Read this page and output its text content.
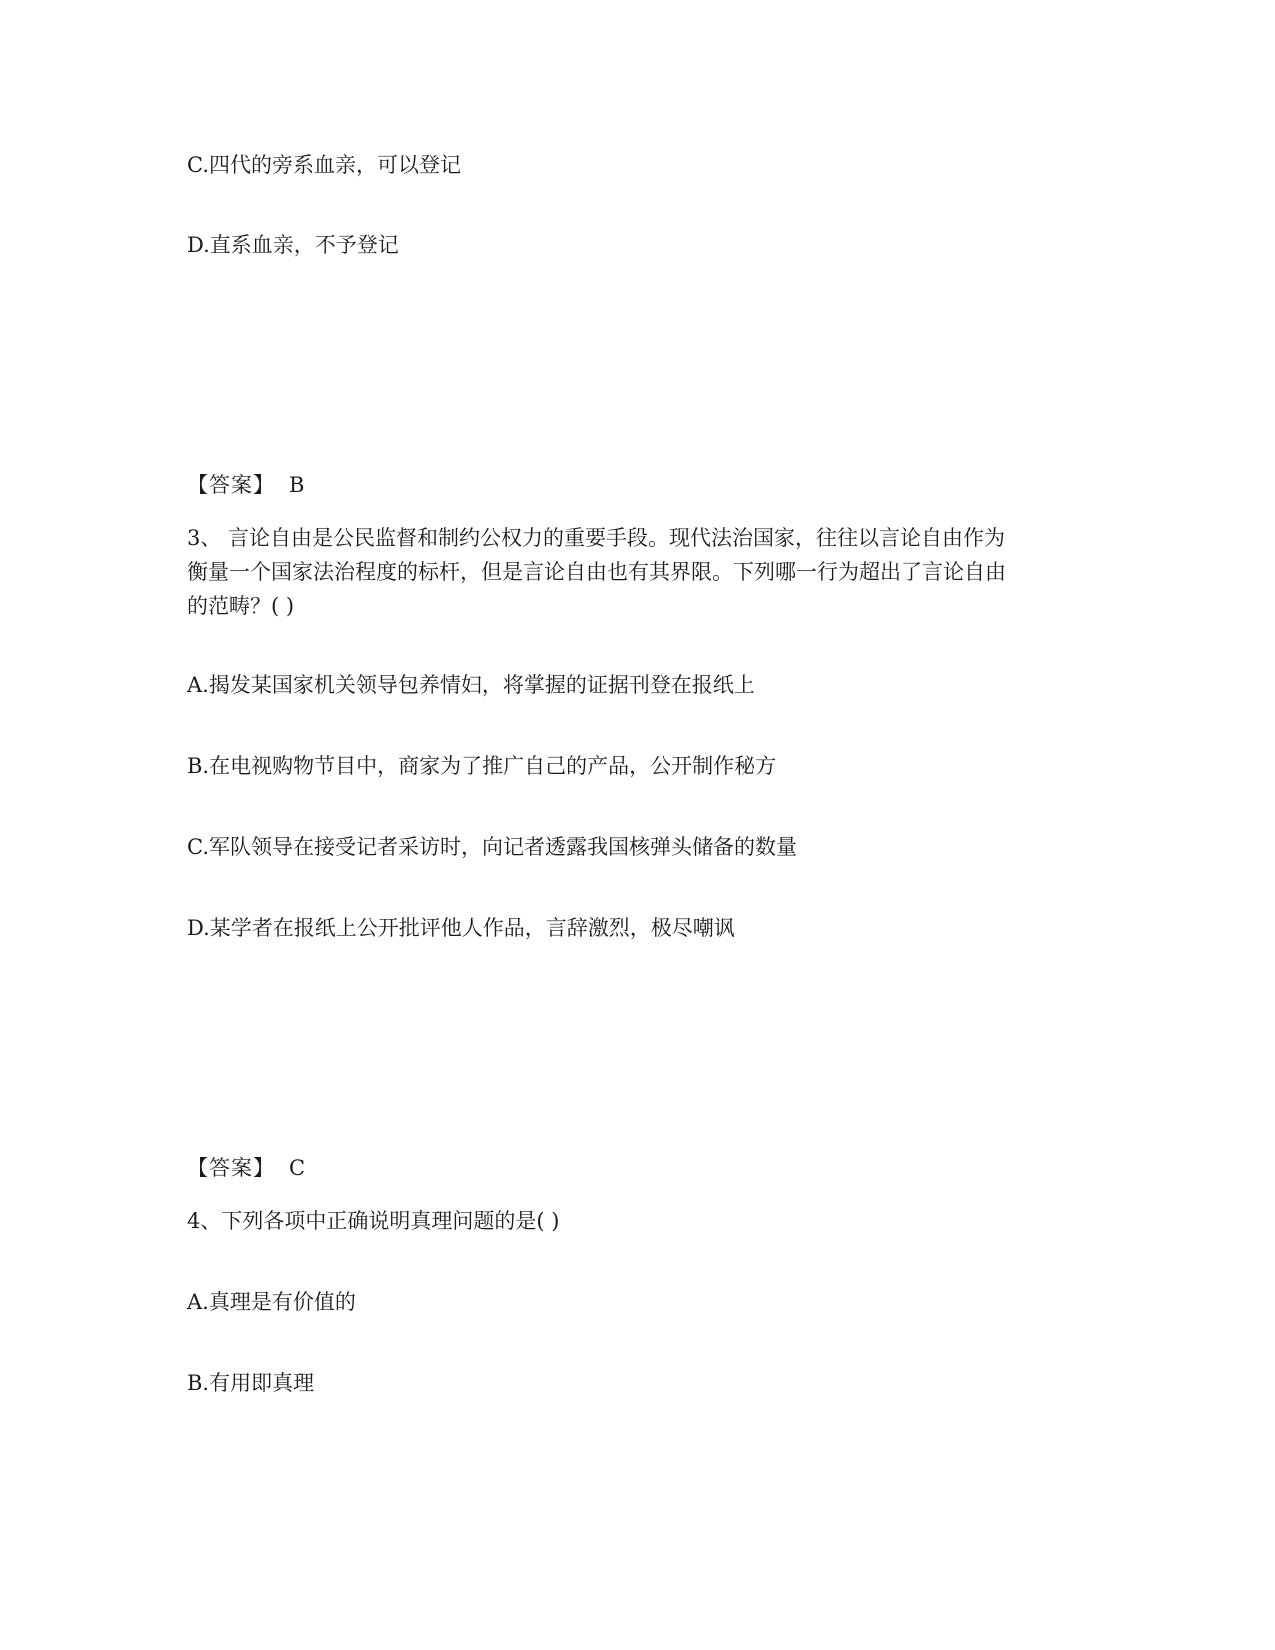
C.四代的旁系血亲，可以登记

D.直系血亲，不予登记

【答案】 B

3、 言论自由是公民监督和制约公权力的重要手段。现代法治国家，往往以言论自由作为
衡量一个国家法治程度的标杆，但是言论自由也有其界限。下列哪一行为超出了言论自由
的范畴？( )

A.揭发某国家机关领导包养情妇，将掌握的证据刊登在报纸上

B.在电视购物节目中，商家为了推广自己的产品，公开制作秘方

C.军队领导在接受记者采访时，向记者透露我国核弹头储备的数量

D.某学者在报纸上公开批评他人作品，言辞激烈，极尽嘲讽

【答案】 C

4、下列各项中正确说明真理问题的是( )

A.真理是有价值的

B.有用即真理
